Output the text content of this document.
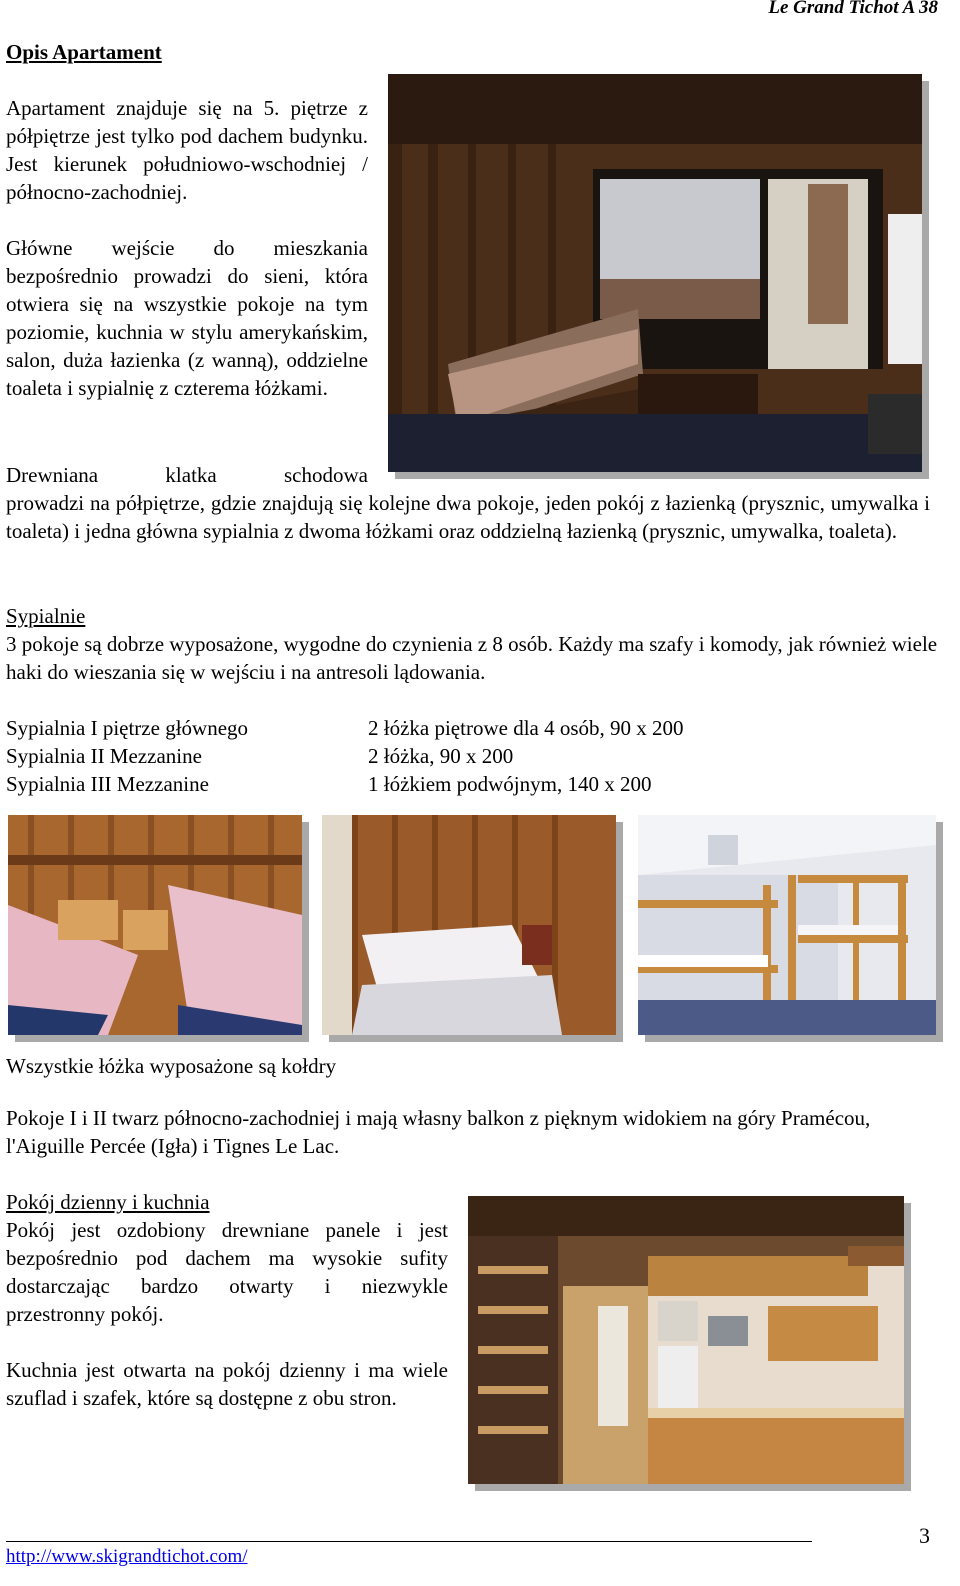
Le Grand Tichot A 38
Opis Apartament
Apartament znajduje się na 5. piętrze z półpiętrze jest tylko pod dachem budynku. Jest kierunek południowo-wschodniej / północno-zachodniej.
Główne wejście do mieszkania bezpośrednio prowadzi do sieni, która otwiera się na wszystkie pokoje na tym poziomie, kuchnia w stylu amerykańskim, salon, duża łazienka (z wanną), oddzielne toaleta i sypialnię z czterema łóżkami.
Drewniana klatka schodowa
prowadzi na półpiętrze, gdzie znajdują się kolejne dwa pokoje, jeden pokój z łazienką (prysznic, umywalka i toaleta) i jedna główna sypialnia z dwoma łóżkami oraz oddzielną łazienką (prysznic, umywalka, toaleta).
Sypialnie
3 pokoje są dobrze wyposażone, wygodne do czynienia z 8 osób. Każdy ma szafy i komody, jak również wiele haki do wieszania się w wejściu i na antresoli lądowania.
Sypialnia I piętrze głównego	2 łóżka piętrowe dla 4 osób, 90 x 200
Sypialnia II Mezzanine	2 łóżka, 90 x 200
Sypialnia III Mezzanine	1 łóżkiem podwójnym, 140 x 200
Wszystkie łóżka wyposażone są kołdry
Pokoje I i II twarz północno-zachodniej i mają własny balkon z pięknym widokiem na góry Pramécou, l'Aiguille Percée (Igła) i Tignes Le Lac.
Pokój dzienny i kuchnia
Pokój jest ozdobiony drewniane panele i jest bezpośrednio pod dachem ma wysokie sufity dostarczając bardzo otwarty i niezwykle przestronny pokój.
Kuchnia jest otwarta na pokój dzienny i ma wiele szuflad i szafek, które są dostępne z obu stron.
http://www.skigrandtichot.com/
3
